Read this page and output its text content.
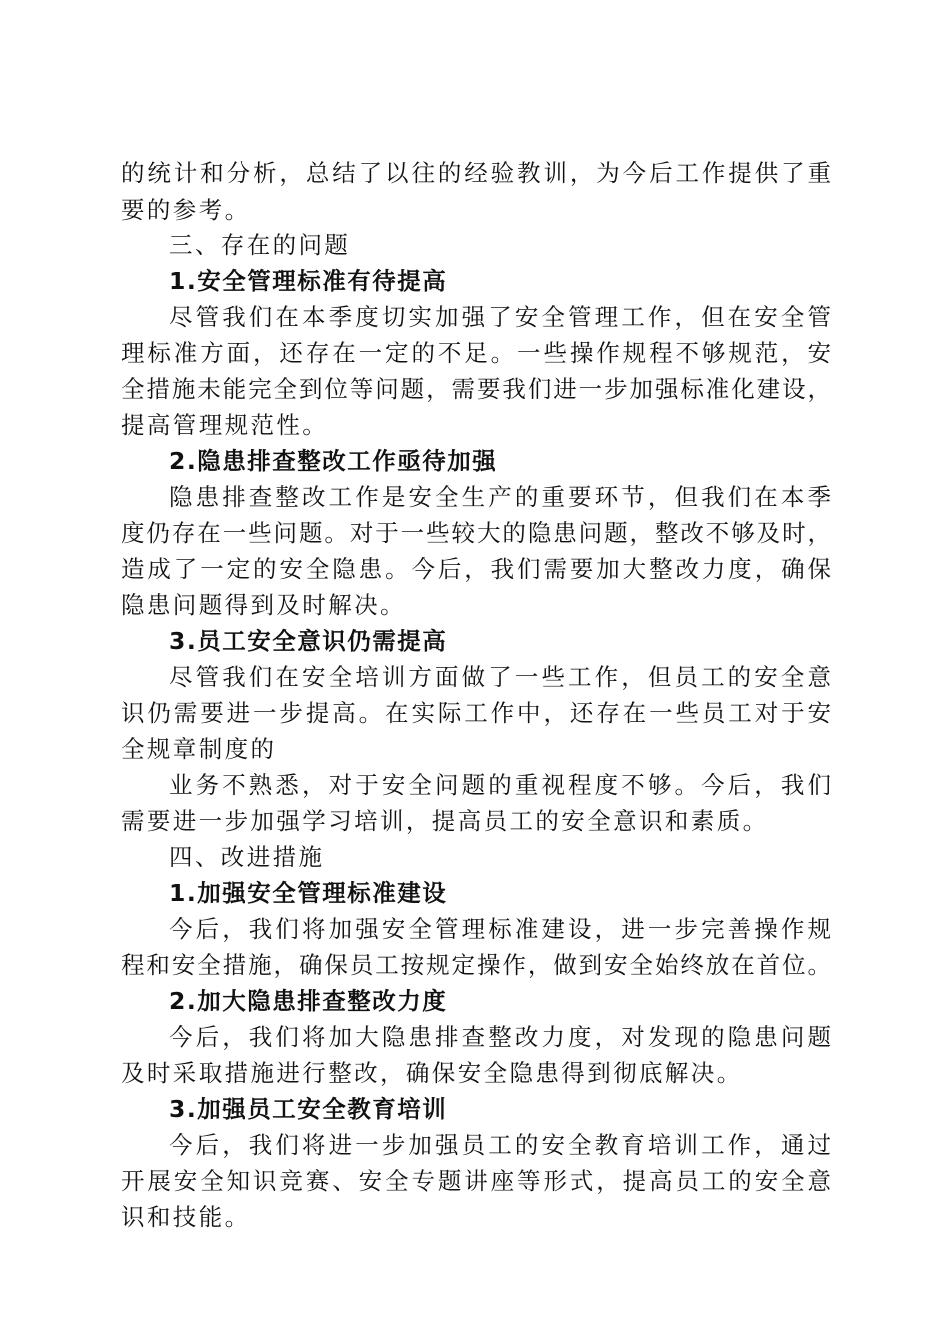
的统计和分析，总结了以往的经验教训，为今后工作提供了重
要的参考。
三、存在的问题
1.安全管理标准有待提高
尽管我们在本季度切实加强了安全管理工作，但在安全管
理标准方面，还存在一定的不足。一些操作规程不够规范，安
全措施未能完全到位等问题，需要我们进一步加强标准化建设，
提高管理规范性。
2.隐患排查整改工作亟待加强
隐患排查整改工作是安全生产的重要环节，但我们在本季
度仍存在一些问题。对于一些较大的隐患问题，整改不够及时，
造成了一定的安全隐患。今后，我们需要加大整改力度，确保
隐患问题得到及时解决。
3.员工安全意识仍需提高
尽管我们在安全培训方面做了一些工作，但员工的安全意
识仍需要进一步提高。在实际工作中，还存在一些员工对于安
全规章制度的
业务不熟悉，对于安全问题的重视程度不够。今后，我们
需要进一步加强学习培训，提高员工的安全意识和素质。
四、改进措施
1.加强安全管理标准建设
今后，我们将加强安全管理标准建设，进一步完善操作规
程和安全措施，确保员工按规定操作，做到安全始终放在首位。
2.加大隐患排查整改力度
今后，我们将加大隐患排查整改力度，对发现的隐患问题
及时采取措施进行整改，确保安全隐患得到彻底解决。
3.加强员工安全教育培训
今后，我们将进一步加强员工的安全教育培训工作，通过
开展安全知识竞赛、安全专题讲座等形式，提高员工的安全意
识和技能。
